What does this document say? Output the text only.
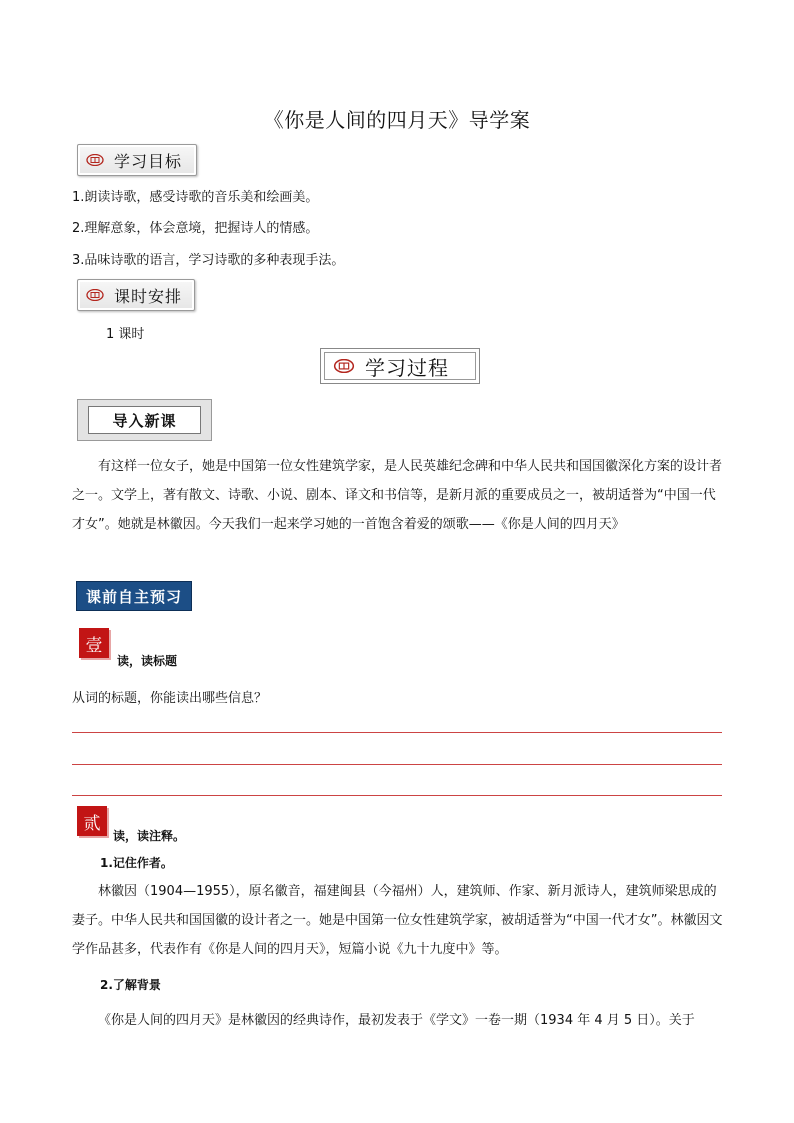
《你是人间的四月天》导学案
学习目标
1.朗读诗歌，感受诗歌的音乐美和绘画美。
2.理解意象，体会意境，把握诗人的情感。
3.品味诗歌的语言，学习诗歌的多种表现手法。
课时安排
1 课时
学习过程
导入新课
有这样一位女子，她是中国第一位女性建筑学家，是人民英雄纪念碑和中华人民共和国国徽深化方案的设计者之一。文学上，著有散文、诗歌、小说、剧本、译文和书信等，是新月派的重要成员之一，被胡适誉为“中国一代才女”。她就是林徽因。今天我们一起来学习她的一首饱含着爱的颂歌——《你是人间的四月天》
课前自主预习
壹
读，读标题
从词的标题，你能读出哪些信息？
贰
读，读注释。
1.记住作者。
林徽因（1904—1955），原名徽音，福建闽县（今福州）人，建筑师、作家、新月派诗人，建筑师梁思成的妻子。中华人民共和国国徽的设计者之一。她是中国第一位女性建筑学家，被胡适誉为“中国一代才女”。林徽因文学作品甚多，代表作有《你是人间的四月天》，短篇小说《九十九度中》等。
2.了解背景
《你是人间的四月天》是林徽因的经典诗作，最初发表于《学文》一卷一期（1934 年 4 月 5 日）。关于
